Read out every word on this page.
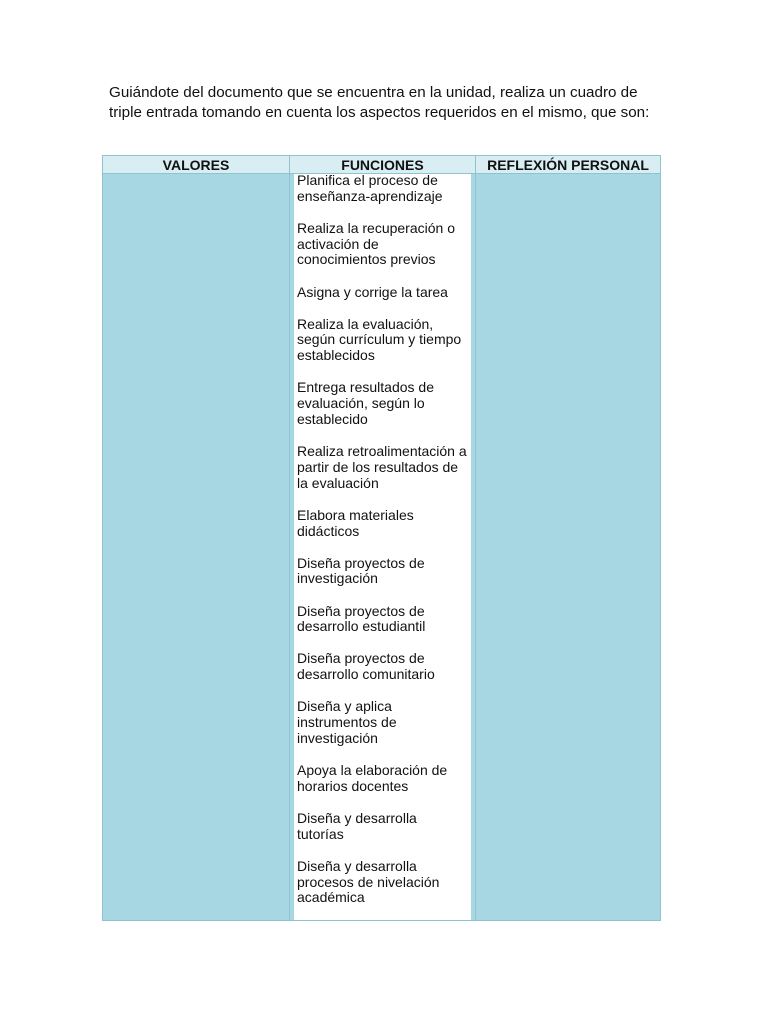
Guiándote del documento que se encuentra en la unidad, realiza un cuadro de triple entrada tomando en cuenta los aspectos requeridos en el mismo, que son:

VALORES	FUNCIONES	REFLEXIÓN PERSONAL

Planifica el proceso de enseñanza-aprendizaje

Realiza la recuperación o activación de conocimientos previos

Asigna y corrige la tarea

Realiza la evaluación, según currículum y tiempo establecidos

Entrega resultados de evaluación, según lo establecido

Realiza retroalimentación a partir de los resultados de la evaluación

Elabora materiales didácticos

Diseña proyectos de investigación

Diseña proyectos de desarrollo estudiantil

Diseña proyectos de desarrollo comunitario

Diseña y aplica instrumentos de investigación

Apoya la elaboración de horarios docentes

Diseña y desarrolla tutorías

Diseña y desarrolla procesos de nivelación académica
